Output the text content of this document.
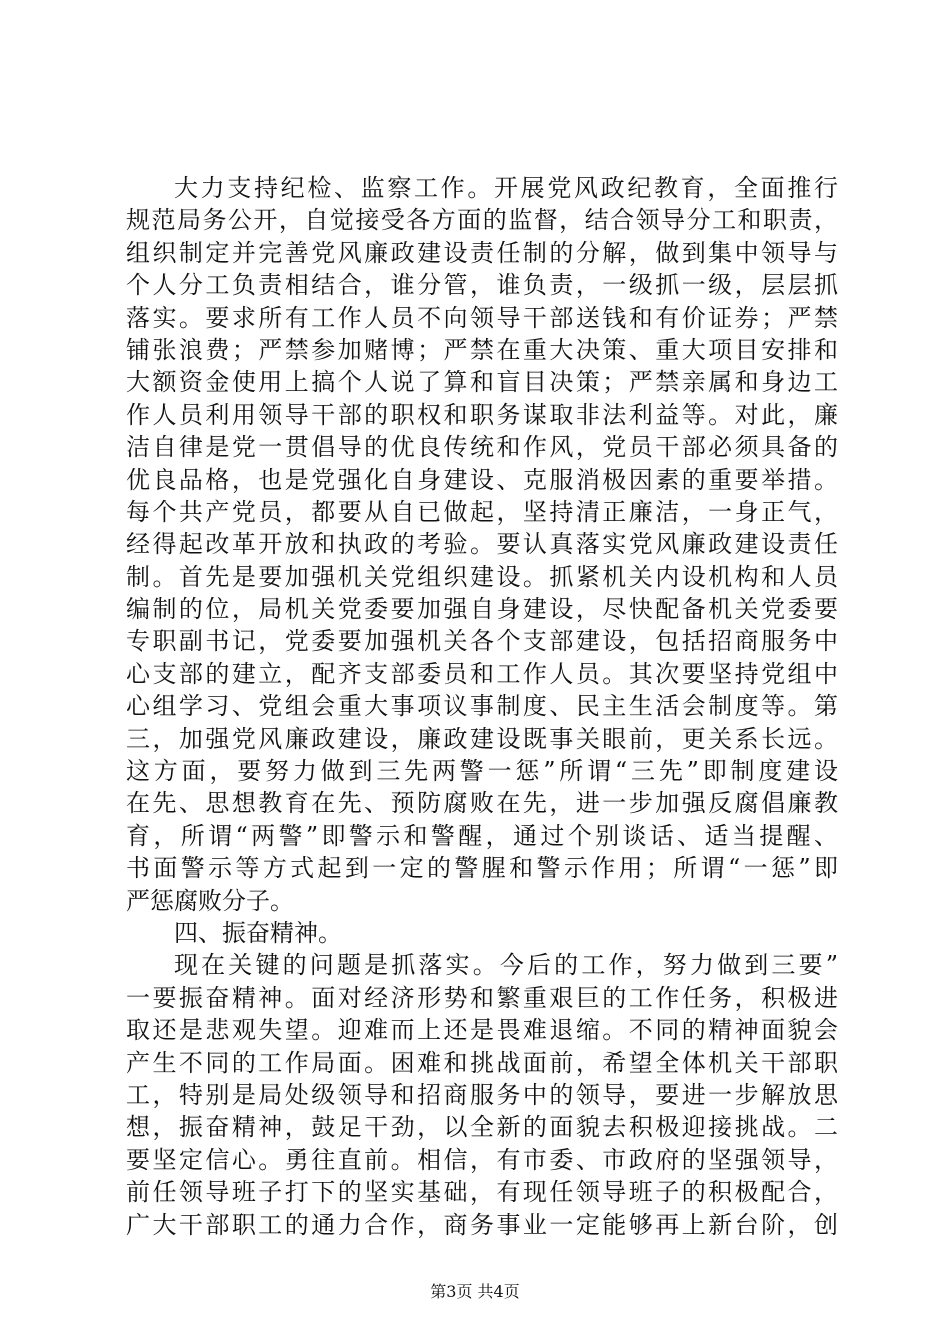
大力支持纪检、监察工作。开展党风政纪教育，全面推行
规范局务公开，自觉接受各方面的监督，结合领导分工和职责，
组织制定并完善党风廉政建设责任制的分解，做到集中领导与
个人分工负责相结合，谁分管，谁负责，一级抓一级，层层抓
落实。要求所有工作人员不向领导干部送钱和有价证券；严禁
铺张浪费；严禁参加赌博；严禁在重大决策、重大项目安排和
大额资金使用上搞个人说了算和盲目决策；严禁亲属和身边工
作人员利用领导干部的职权和职务谋取非法利益等。对此，廉
洁自律是党一贯倡导的优良传统和作风，党员干部必须具备的
优良品格，也是党强化自身建设、克服消极因素的重要举措。
每个共产党员，都要从自已做起，坚持清正廉洁，一身正气，
经得起改革开放和执政的考验。要认真落实党风廉政建设责任
制。首先是要加强机关党组织建设。抓紧机关内设机构和人员
编制的位，局机关党委要加强自身建设，尽快配备机关党委要
专职副书记，党委要加强机关各个支部建设，包括招商服务中
心支部的建立，配齐支部委员和工作人员。其次要坚持党组中
心组学习、党组会重大事项议事制度、民主生活会制度等。第
三，加强党风廉政建设，廉政建设既事关眼前，更关系长远。
这方面，要努力做到三先两警一惩”所谓“三先”即制度建设
在先、思想教育在先、预防腐败在先，进一步加强反腐倡廉教
育，所谓“两警”即警示和警醒，通过个别谈话、适当提醒、
书面警示等方式起到一定的警腥和警示作用；所谓“一惩”即
严惩腐败分子。
四、振奋精神。
现在关键的问题是抓落实。今后的工作，努力做到三要”
一要振奋精神。面对经济形势和繁重艰巨的工作任务，积极进
取还是悲观失望。迎难而上还是畏难退缩。不同的精神面貌会
产生不同的工作局面。困难和挑战面前，希望全体机关干部职
工，特别是局处级领导和招商服务中的领导，要进一步解放思
想，振奋精神，鼓足干劲，以全新的面貌去积极迎接挑战。二
要坚定信心。勇往直前。相信，有市委、市政府的坚强领导，
前任领导班子打下的坚实基础，有现任领导班子的积极配合，
广大干部职工的通力合作，商务事业一定能够再上新台阶，创
第3页 共4页
